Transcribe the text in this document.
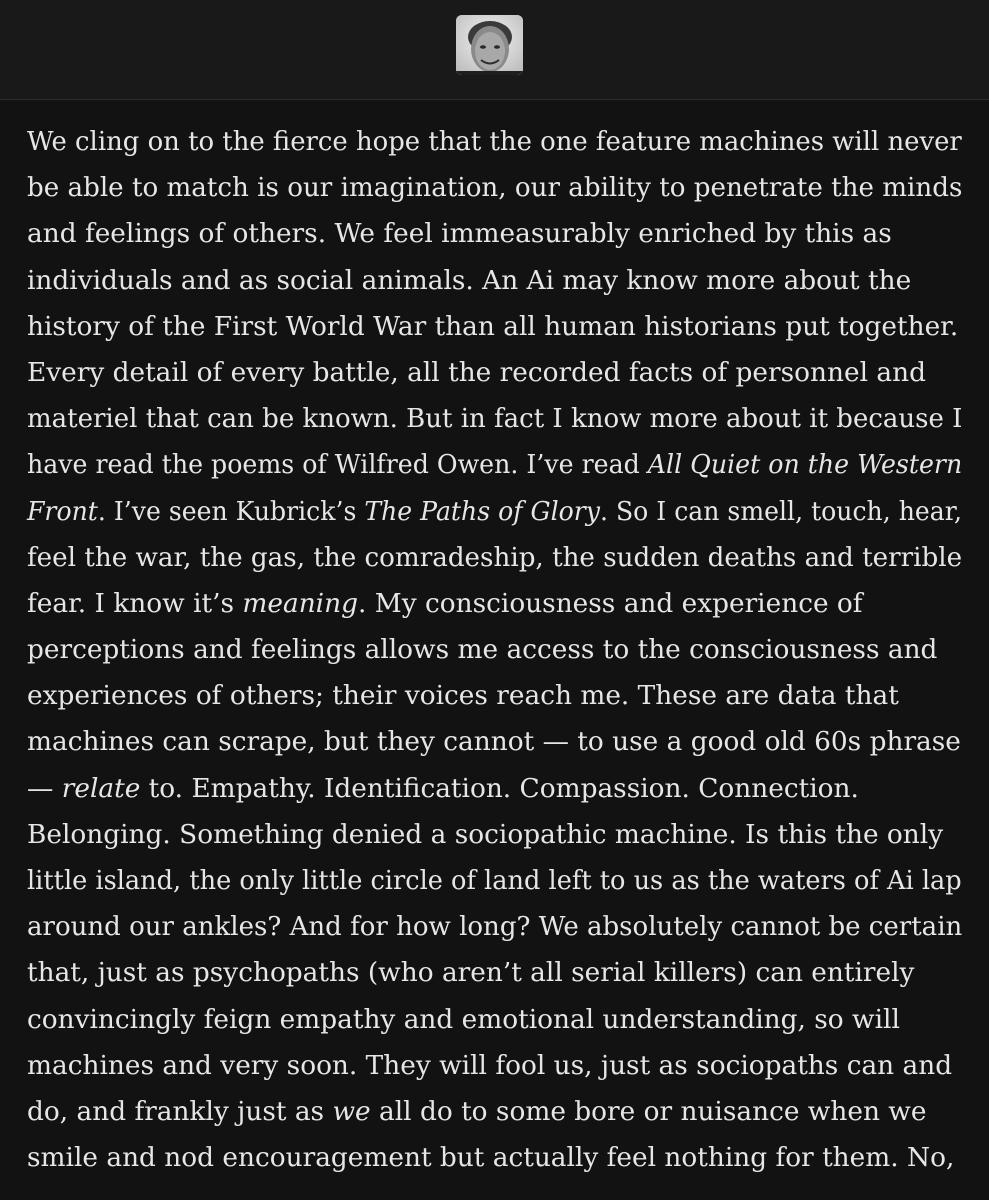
We cling on to the fierce hope that the one feature machines will never
be able to match is our imagination, our ability to penetrate the minds
and feelings of others. We feel immeasurably enriched by this as
individuals and as social animals. An Ai may know more about the
history of the First World War than all human historians put together.
Every detail of every battle, all the recorded facts of personnel and
materiel that can be known. But in fact I know more about it because I
have read the poems of Wilfred Owen. I’ve read All Quiet on the Western
Front. I’ve seen Kubrick’s The Paths of Glory. So I can smell, touch, hear,
feel the war, the gas, the comradeship, the sudden deaths and terrible
fear. I know it’s meaning. My consciousness and experience of
perceptions and feelings allows me access to the consciousness and
experiences of others; their voices reach me. These are data that
machines can scrape, but they cannot — to use a good old 60s phrase
— relate to. Empathy. Identification. Compassion. Connection.
Belonging. Something denied a sociopathic machine. Is this the only
little island, the only little circle of land left to us as the waters of Ai lap
around our ankles? And for how long? We absolutely cannot be certain
that, just as psychopaths (who aren’t all serial killers) can entirely
convincingly feign empathy and emotional understanding, so will
machines and very soon. They will fool us, just as sociopaths can and
do, and frankly just as we all do to some bore or nuisance when we
smile and nod encouragement but actually feel nothing for them. No,
